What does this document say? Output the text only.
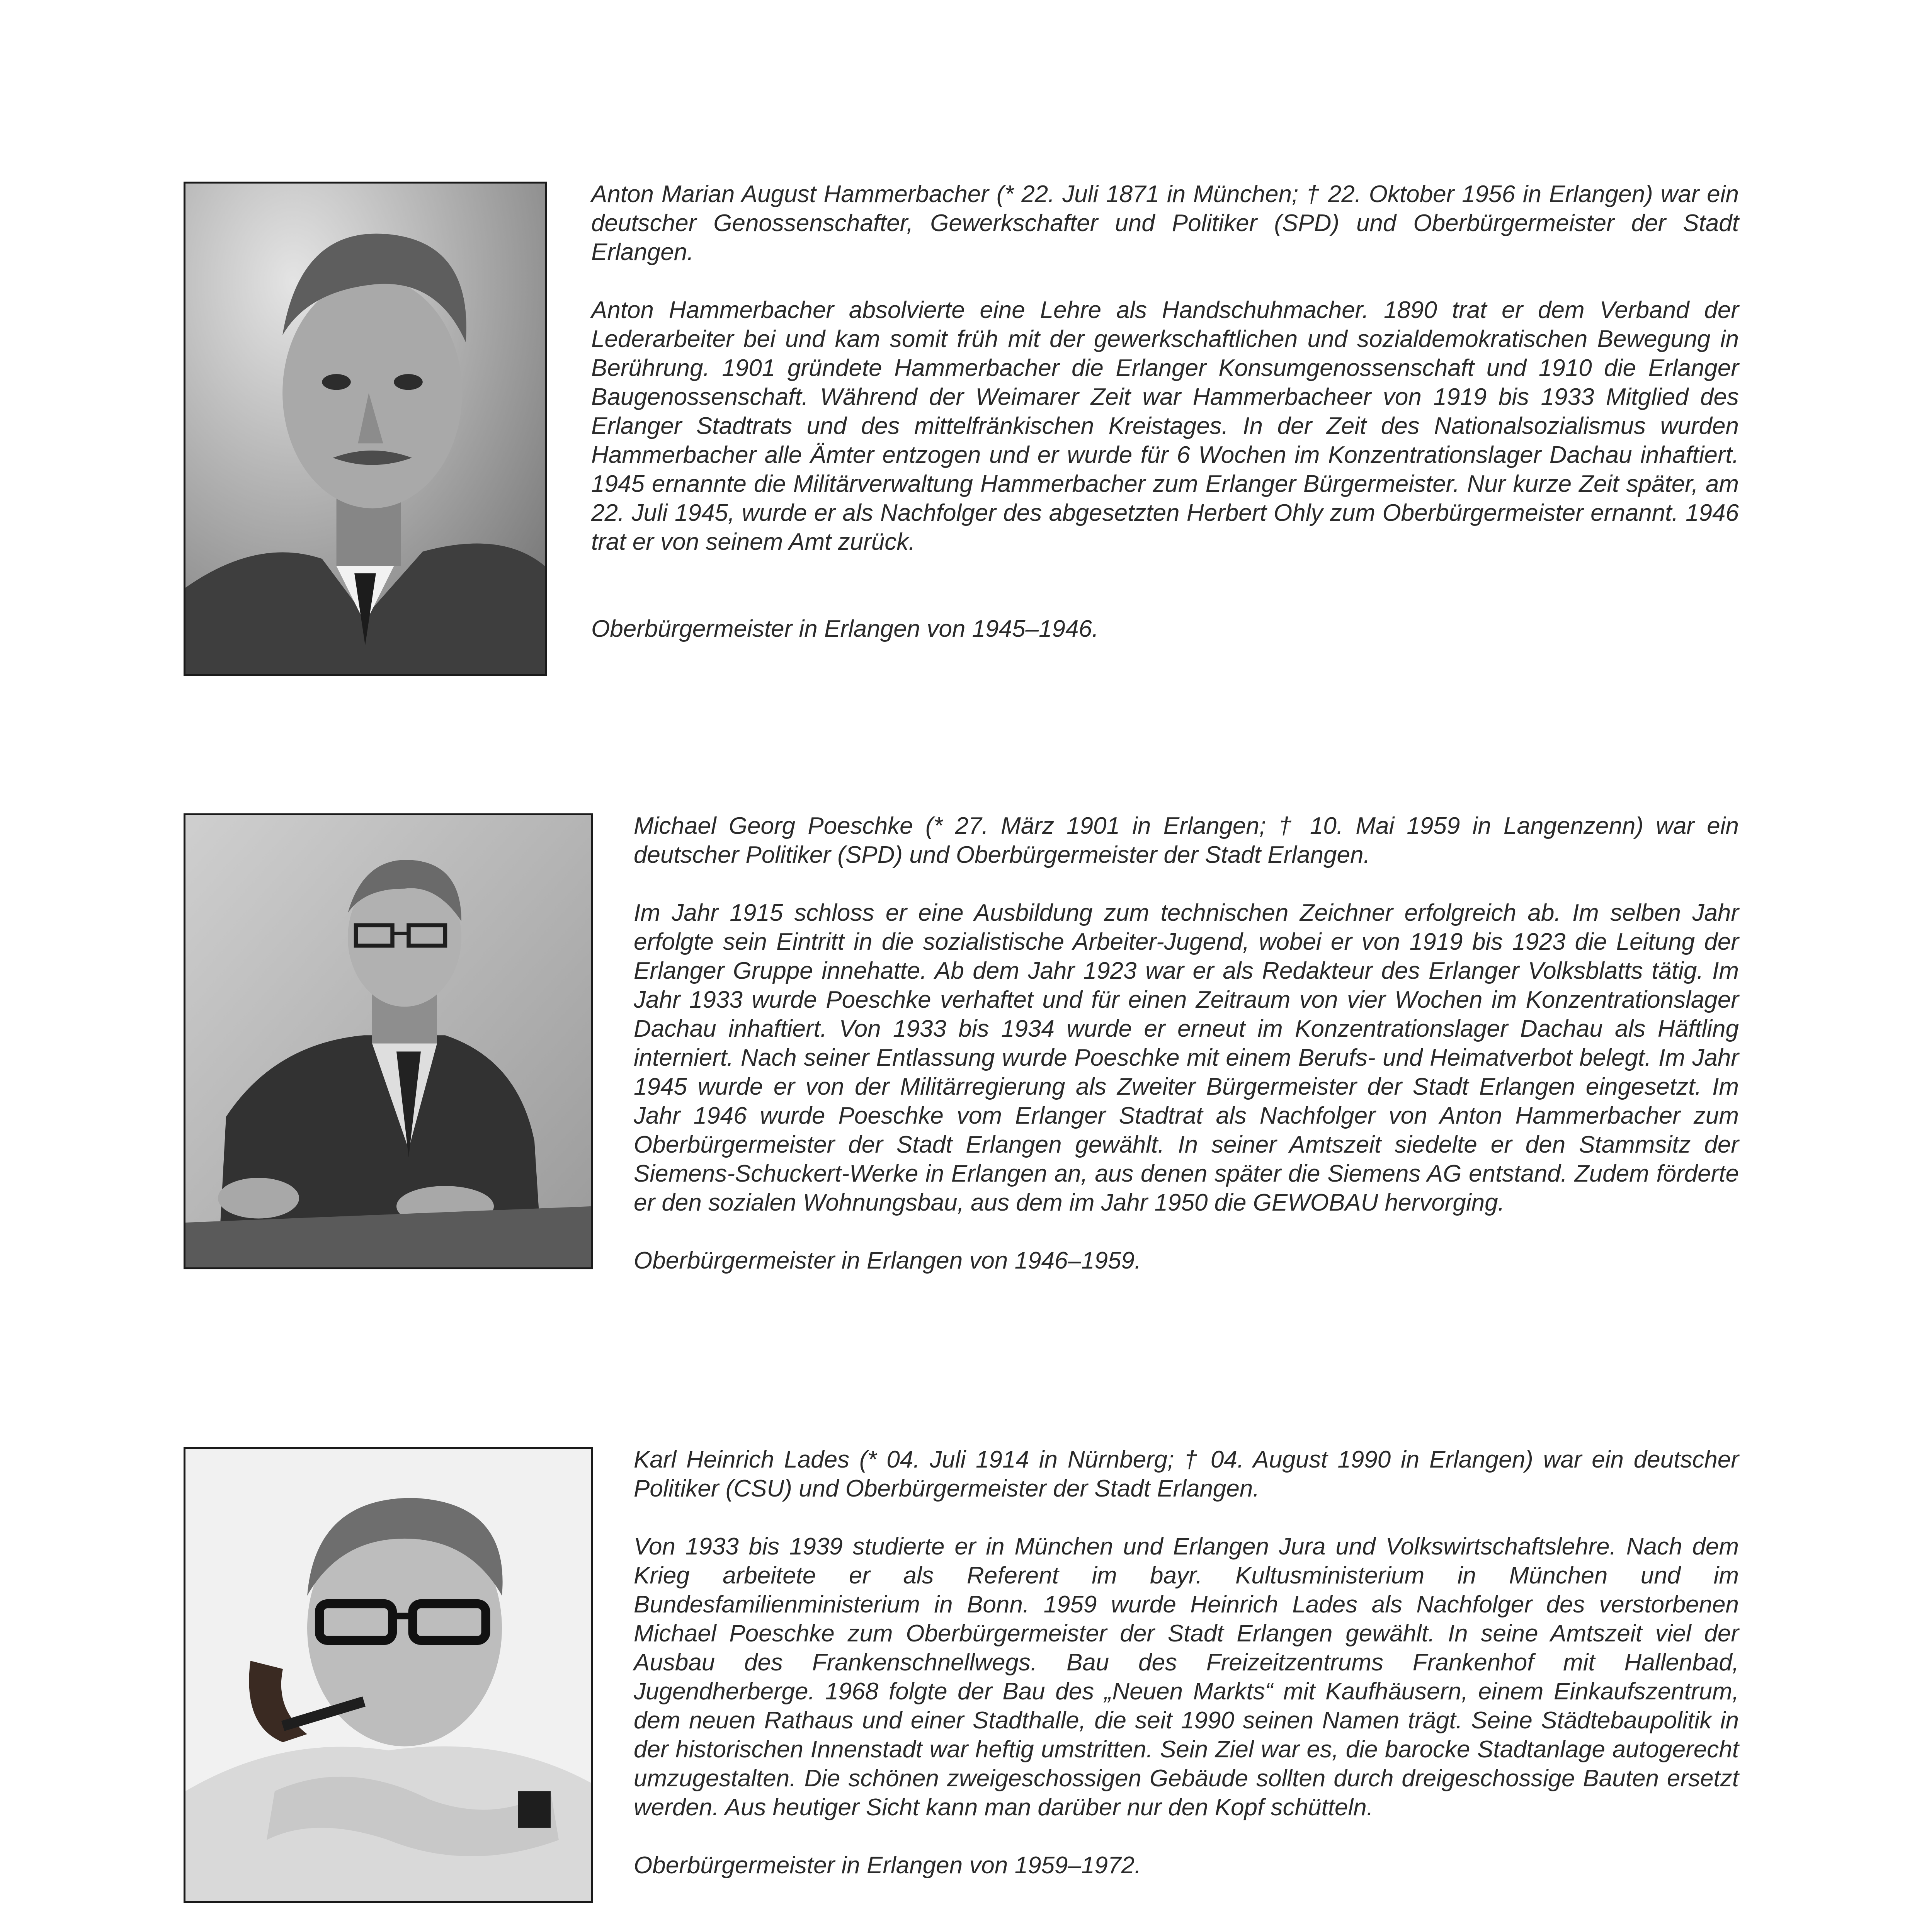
Anton Marian August Hammerbacher (* 22. Juli 1871 in München; † 22. Oktober 1956 in Erlangen) war ein deutscher Genossenschafter, Gewerkschafter und Politiker (SPD) und Oberbürgermeister der Stadt Erlangen.

Anton Hammerbacher absolvierte eine Lehre als Handschuhmacher. 1890 trat er dem Verband der Lederarbeiter bei und kam somit früh mit der gewerkschaftlichen und sozialdemokratischen Bewegung in Berührung. 1901 gründete Hammerbacher die Erlanger Konsumgenossenschaft und 1910 die Erlanger Baugenossenschaft. Während der Weimarer Zeit war Hammerbacheer von 1919 bis 1933 Mitglied des Erlanger Stadtrats und des mittelfränkischen Kreistages. In der Zeit des Nationalsozialismus wurden Hammerbacher alle Ämter entzogen und er wurde für 6 Wochen im Konzentrationslager Dachau inhaftiert. 1945 ernannte die Militärverwaltung Hammerbacher zum Erlanger Bürgermeister. Nur kurze Zeit später, am 22. Juli 1945, wurde er als Nachfolger des abgesetzten Herbert Ohly zum Oberbürgermeister ernannt. 1946 trat er von seinem Amt zurück.

Oberbürgermeister in Erlangen von 1945–1946.

Michael Georg Poeschke (* 27. März 1901 in Erlangen; † 10. Mai 1959 in Langenzenn) war ein deutscher Politiker (SPD) und Oberbürgermeister der Stadt Erlangen.

Im Jahr 1915 schloss er eine Ausbildung zum technischen Zeichner erfolgreich ab. Im selben Jahr erfolgte sein Eintritt in die sozialistische Arbeiter-Jugend, wobei er von 1919 bis 1923 die Leitung der Erlanger Gruppe innehatte. Ab dem Jahr 1923 war er als Redakteur des Erlanger Volksblatts tätig. Im Jahr 1933 wurde Poeschke verhaftet und für einen Zeitraum von vier Wochen im Konzentrationslager Dachau inhaftiert. Von 1933 bis 1934 wurde er erneut im Konzentrationslager Dachau als Häftling interniert. Nach seiner Entlassung wurde Poeschke mit einem Berufs- und Heimatverbot belegt. Im Jahr 1945 wurde er von der Militärregierung als Zweiter Bürgermeister der Stadt Erlangen eingesetzt. Im Jahr 1946 wurde Poeschke vom Erlanger Stadtrat als Nachfolger von Anton Hammerbacher zum Oberbürgermeister der Stadt Erlangen gewählt. In seiner Amtszeit siedelte er den Stammsitz der Siemens-Schuckert-Werke in Erlangen an, aus denen später die Siemens AG entstand. Zudem förderte er den sozialen Wohnungsbau, aus dem im Jahr 1950 die GEWOBAU hervorging.

Oberbürgermeister in Erlangen von 1946–1959.

Karl Heinrich Lades (* 04. Juli 1914 in Nürnberg; † 04. August 1990 in Erlangen) war ein deutscher Politiker (CSU) und Oberbürgermeister der Stadt Erlangen.

Von 1933 bis 1939 studierte er in München und Erlangen Jura und Volkswirtschaftslehre. Nach dem Krieg arbeitete er als Referent im bayr. Kultusministerium in München und im Bundesfamilienministerium in Bonn. 1959 wurde Heinrich Lades als Nachfolger des verstorbenen Michael Poeschke zum Oberbürgermeister der Stadt Erlangen gewählt. In seine Amtszeit viel der Ausbau des Frankenschnellwegs. Bau des Freizeitzentrums Frankenhof mit Hallenbad, Jugendherberge. 1968 folgte der Bau des „Neuen Markts“ mit Kaufhäusern, einem Einkaufszentrum, dem neuen Rathaus und einer Stadthalle, die seit 1990 seinen Namen trägt. Seine Städtebaupolitik in der historischen Innenstadt war heftig umstritten. Sein Ziel war es, die barocke Stadtanlage autogerecht umzugestalten. Die schönen zweigeschossigen Gebäude sollten durch dreigeschossige Bauten ersetzt werden. Aus heutiger Sicht kann man darüber nur den Kopf schütteln.

Oberbürgermeister in Erlangen von 1959–1972.
